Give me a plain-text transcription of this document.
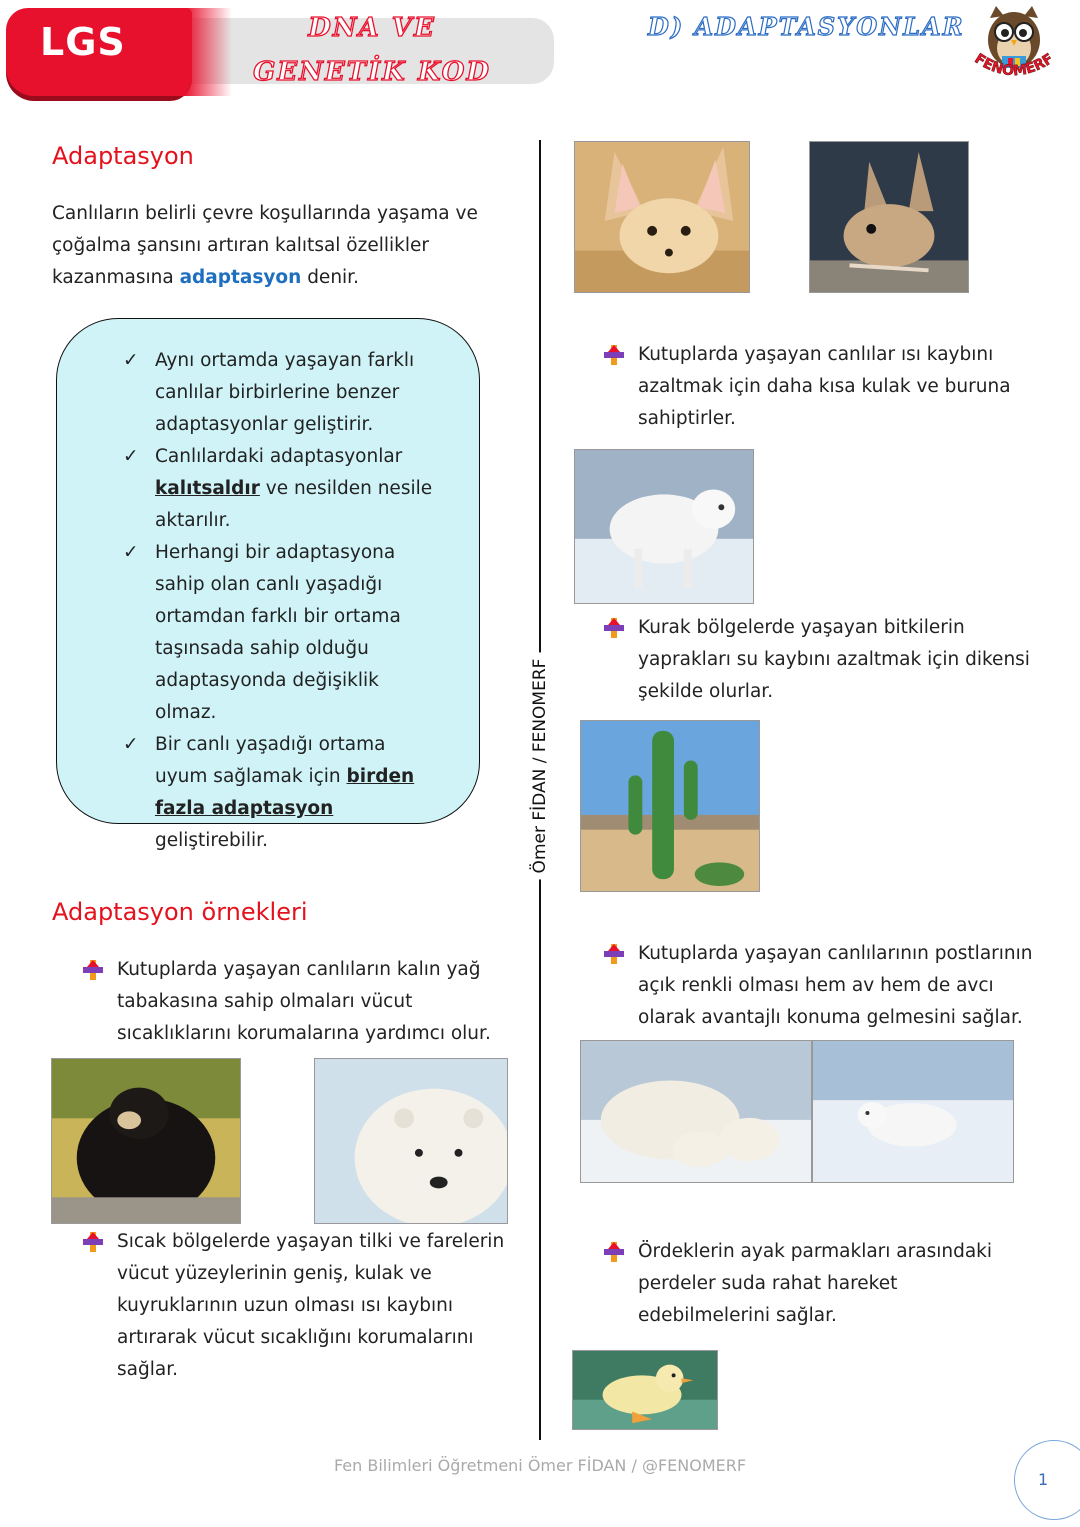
LGS	DNA VE GENETİK KOD
D) ADAPTASYONLAR
FENOMERF
Ömer FİDAN / FENOMERF
Adaptasyon
Canlıların belirli çevre koşullarında yaşama ve çoğalma şansını artıran kalıtsal özellikler kazanmasına adaptasyon denir.
✓ Aynı ortamda yaşayan farklı canlılar birbirlerine benzer adaptasyonlar geliştirir.
✓ Canlılardaki adaptasyonlar kalıtsaldır ve nesilden nesile aktarılır.
✓ Herhangi bir adaptasyona sahip olan canlı yaşadığı ortamdan farklı bir ortama taşınsada sahip olduğu adaptasyonda değişiklik olmaz.
✓ Bir canlı yaşadığı ortama uyum sağlamak için birden fazla adaptasyon geliştirebilir.
Adaptasyon örnekleri
Kutuplarda yaşayan canlıların kalın yağ tabakasına sahip olmaları vücut sıcaklıklarını korumalarına yardımcı olur.
Sıcak bölgelerde yaşayan tilki ve farelerin vücut yüzeylerinin geniş, kulak ve kuyruklarının uzun olması ısı kaybını artırarak vücut sıcaklığını korumalarını sağlar.
Kutuplarda yaşayan canlılar ısı kaybını azaltmak için daha kısa kulak ve buruna sahiptirler.
Kurak bölgelerde yaşayan bitkilerin yaprakları su kaybını azaltmak için dikensi şekilde olurlar.
Kutuplarda yaşayan canlılarının postlarının açık renkli olması hem av hem de avcı olarak avantajlı konuma gelmesini sağlar.
Ördeklerin ayak parmakları arasındaki perdeler suda rahat hareket edebilmelerini sağlar.
Fen Bilimleri Öğretmeni Ömer FİDAN / @FENOMERF
1
